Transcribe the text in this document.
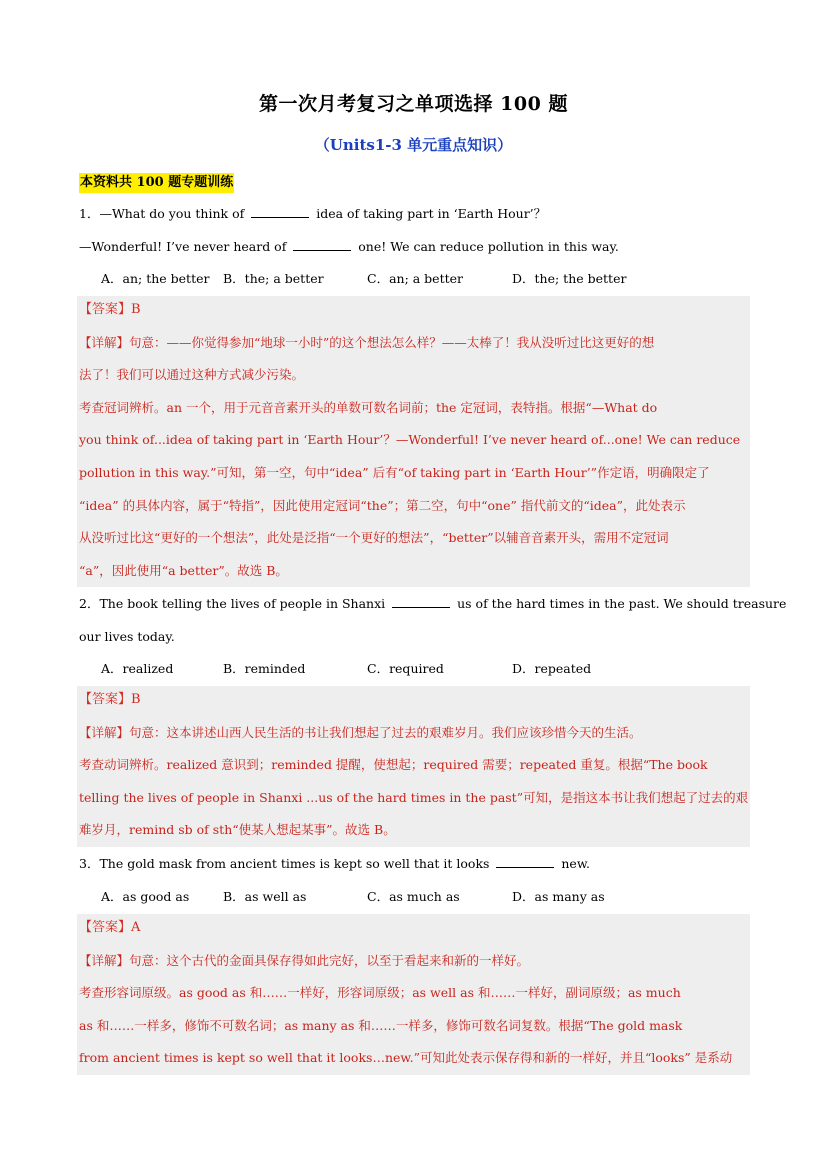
第一次月考复习之单项选择 100 题
（Units1-3 单元重点知识）
本资料共 100 题专题训练
1．—What do you think of	idea of taking part in ‘Earth Hour’？
—Wonderful! I’ve never heard of	one! We can reduce pollution in this way.
A．an; the better B．the; a better	C．an; a better	D．the; the better
【答案】B
【详解】句意：——你觉得参加“地球一小时”的这个想法怎么样？——太棒了！我从没听过比这更好的想
法了！我们可以通过这种方式减少污染。
考查冠词辨析。an 一个，用于元音音素开头的单数可数名词前；the 定冠词，表特指。根据“—What do
you think of...idea of taking part in ‘Earth Hour’？—Wonderful! I’ve never heard of...one! We can reduce
pollution in this way.”可知，第一空，句中“idea” 后有“of taking part in ‘Earth Hour’”作定语，明确限定了
“idea” 的具体内容，属于“特指”，因此使用定冠词“the”；第二空，句中“one” 指代前文的“idea”，此处表示
从没听过比这“更好的一个想法”，此处是泛指“一个更好的想法”，“better”以辅音音素开头，需用不定冠词
“a”，因此使用“a better”。故选 B。
2．The book telling the lives of people in Shanxi	us of the hard times in the past. We should treasure
our lives today.
A．realized	B．reminded	C．required	D．repeated
【答案】B
【详解】句意：这本讲述山西人民生活的书让我们想起了过去的艰难岁月。我们应该珍惜今天的生活。
考查动词辨析。realized 意识到；reminded 提醒，使想起；required 需要；repeated 重复。根据“The book
telling the lives of people in Shanxi ...us of the hard times in the past”可知，是指这本书让我们想起了过去的艰
难岁月，remind sb of sth“使某人想起某事”。故选 B。
3．The gold mask from ancient times is kept so well that it looks	new.
A．as good as	B．as well as	C．as much as	D．as many as
【答案】A
【详解】句意：这个古代的金面具保存得如此完好，以至于看起来和新的一样好。
考查形容词原级。as good as 和……一样好，形容词原级；as well as 和……一样好，副词原级；as much
as 和……一样多，修饰不可数名词；as many as 和……一样多，修饰可数名词复数。根据“The gold mask
from ancient times is kept so well that it looks…new.”可知此处表示保存得和新的一样好，并且“looks” 是系动
